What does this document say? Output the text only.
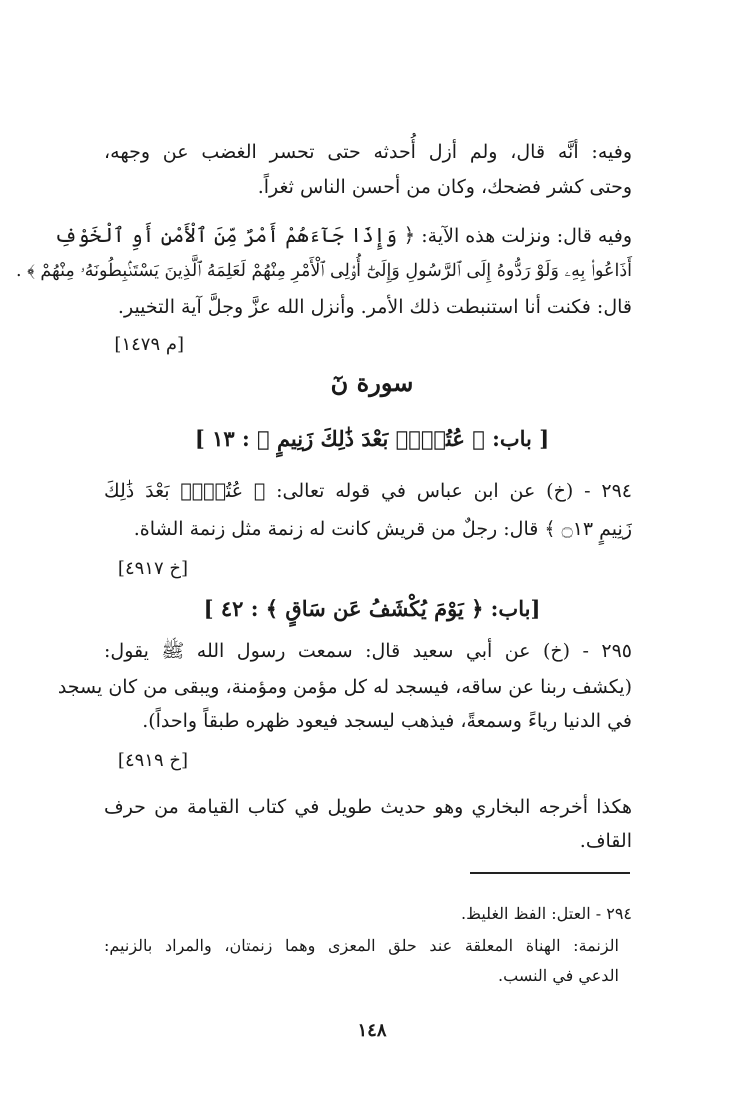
وفيه: أنَّه قال، ولم أزل أُحدثه حتى تحسر الغضب عن وجهه،
وحتى كشر فضحك، وكان من أحسن الناس ثغراً.
وفيه قال: ونزلت هذه الآية: ﴿ وَإِذَا جَآءَهُمْ أَمْرٌ مِّنَ ٱلْأَمْنِ أَوِ ٱلْخَوْفِ
أَذَاعُوا۟ بِهِۦ وَلَوْ رَدُّوهُ إِلَى ٱلرَّسُولِ وَإِلَىٰٓ أُو۟لِى ٱلْأَمْرِ مِنْهُمْ لَعَلِمَهُ ٱلَّذِينَ يَسْتَنۢبِطُونَهُۥ مِنْهُمْ ﴾ .
قال: فكنت أنا استنبطت ذلك الأمر. وأنزل الله عزَّ وجلَّ آية التخيير.
[م ١٤٧٩]
سورة نٓ
[ باب: ﴿ عُتُلٍّۭ بَعْدَ ذَٰلِكَ زَنِيمٍ ﴾ : ١٣ ]
٢٩٤ - (خ) عن ابن عباس في قوله تعالى: ﴿ عُتُلٍّۭ بَعْدَ ذَٰلِكَ
زَنِيمٍ ۝١٣ ﴾ قال: رجلٌ من قريش كانت له زنمة مثل زنمة الشاة.
[خ ٤٩١٧]
[باب: ﴿ يَوْمَ يُكْشَفُ عَن سَاقٍ ﴾ : ٤٢ ]
٢٩٥ - (خ) عن أبي سعيد قال: سمعت رسول الله ﷺ يقول:
(يكشف ربنا عن ساقه، فيسجد له كل مؤمن ومؤمنة، ويبقى من كان يسجد
في الدنيا رياءً وسمعةً، فيذهب ليسجد فيعود ظهره طبقاً واحداً).
[خ ٤٩١٩]
هكذا أخرجه البخاري وهو حديث طويل في كتاب القيامة من حرف
القاف.
٢٩٤ - العتل: الفظ الغليظ.
الزنمة: الهناة المعلقة عند حلق المعزى وهما زنمتان، والمراد بالزنيم:
الدعي في النسب.
١٤٨
